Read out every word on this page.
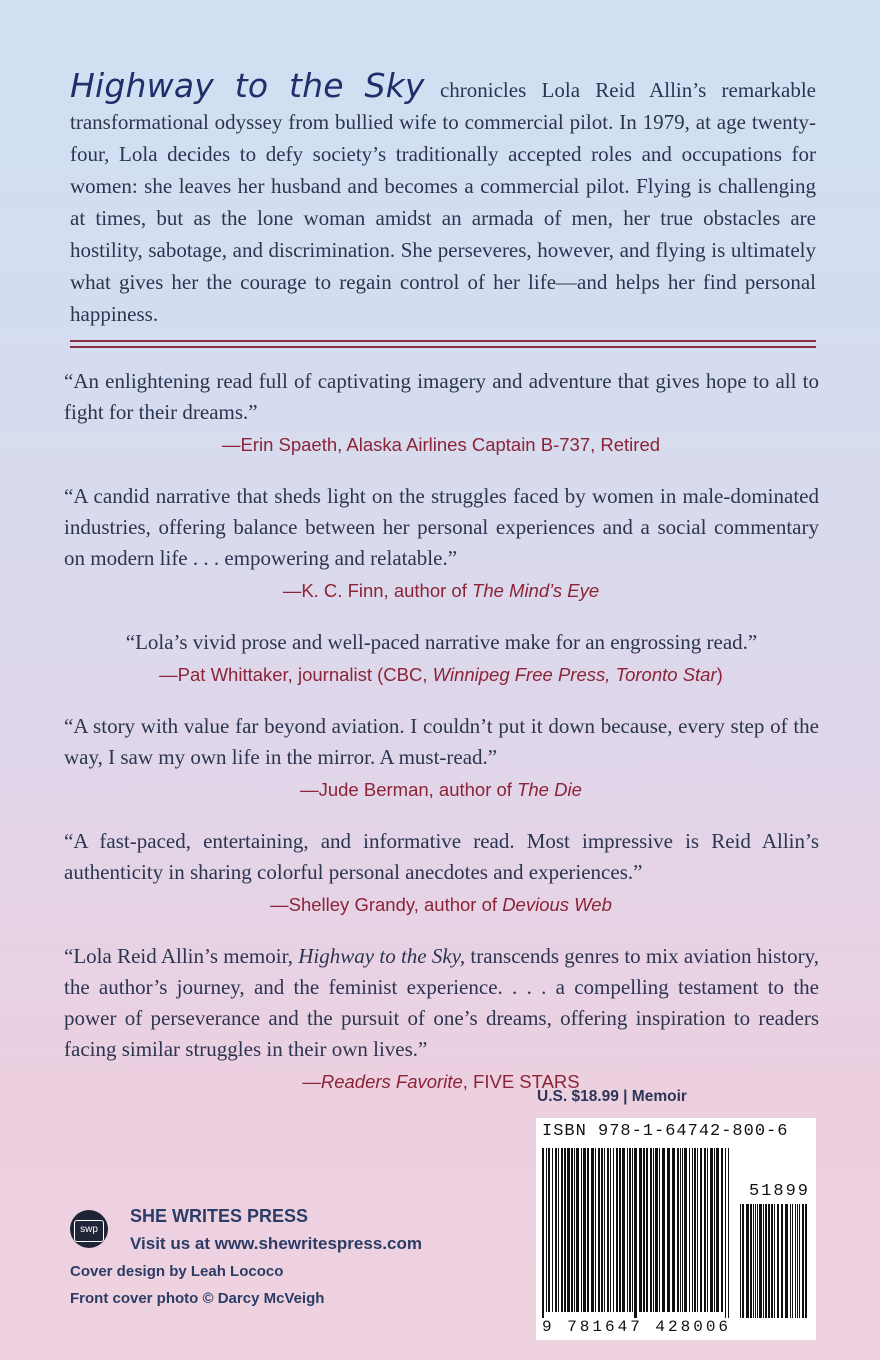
Highway to the Sky chronicles Lola Reid Allin’s remarkable transformational odyssey from bullied wife to commercial pilot. In 1979, at age twenty-four, Lola decides to defy society’s traditionally accepted roles and occupations for women: she leaves her husband and becomes a commercial pilot. Flying is challenging at times, but as the lone woman amidst an armada of men, her true obstacles are hostility, sabotage, and discrimination. She perseveres, however, and flying is ultimately what gives her the courage to regain control of her life—and helps her find personal happiness.
“An enlightening read full of captivating imagery and adventure that gives hope to all to fight for their dreams.”
—Erin Spaeth, Alaska Airlines Captain B-737, Retired
“A candid narrative that sheds light on the struggles faced by women in male-dominated industries, offering balance between her personal experiences and a social commentary on modern life . . . empowering and relatable.”
—K. C. Finn, author of The Mind’s Eye
“Lola’s vivid prose and well-paced narrative make for an engrossing read.”
—Pat Whittaker, journalist (CBC, Winnipeg Free Press, Toronto Star)
“A story with value far beyond aviation. I couldn’t put it down because, every step of the way, I saw my own life in the mirror. A must-read.”
—Jude Berman, author of The Die
“A fast-paced, entertaining, and informative read. Most impressive is Reid Allin’s authenticity in sharing colorful personal anecdotes and experiences.”
—Shelley Grandy, author of Devious Web
“Lola Reid Allin’s memoir, Highway to the Sky, transcends genres to mix aviation history, the author’s journey, and the feminist experience. . . . a compelling testament to the power of perseverance and the pursuit of one’s dreams, offering inspiration to readers facing similar struggles in their own lives.”
—Readers Favorite, FIVE STARS
U.S. $18.99 | Memoir
ISBN 978-1-64742-800-6
51899
9 781647 428006
swp
SHE WRITES PRESS
Visit us at www.shewritespress.com
Cover design by Leah Lococo
Front cover photo © Darcy McVeigh
